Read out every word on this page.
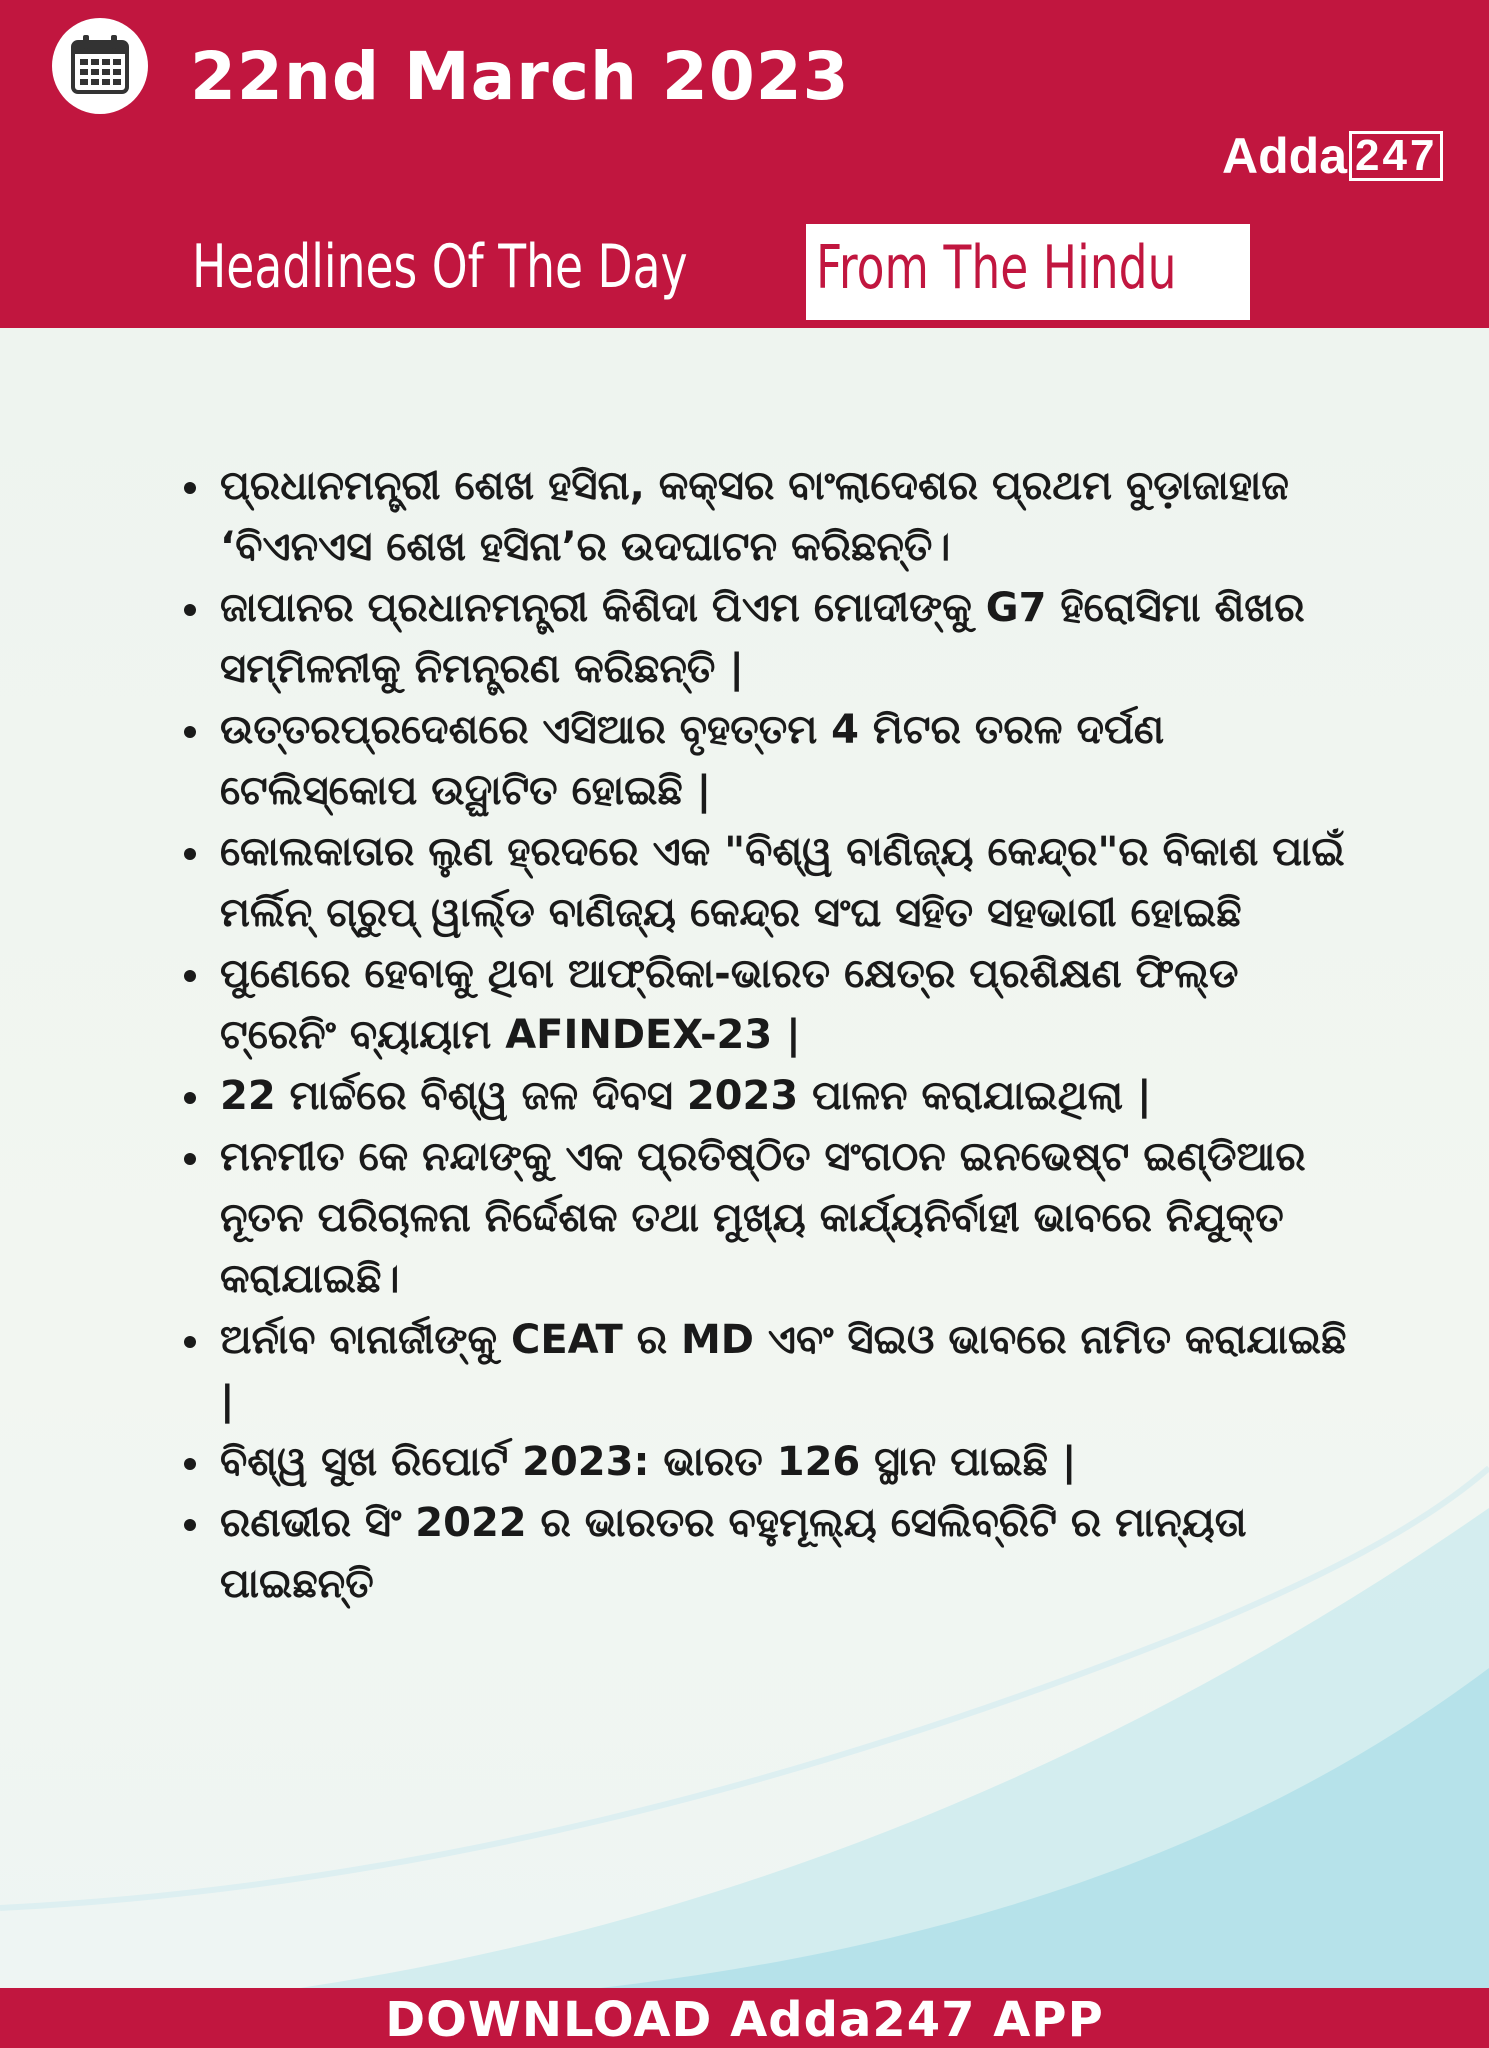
22nd March 2023
Adda 247
Headlines Of The Day From The Hindu
ପ୍ରଧାନମନ୍ତ୍ରୀ ଶେଖ ହସିନା, କକ୍ସର ବାଂଲାଦେଶର ପ୍ରଥମ ବୁଡ଼ାଜାହାଜ ‘ବିଏନଏସ ଶେଖ ହସିନା’ର ଉଦଘାଟନ କରିଛନ୍ତି।
ଜାପାନର ପ୍ରଧାନମନ୍ତ୍ରୀ କିଶିଦା ପିଏମ ମୋଦୀଙ୍କୁ G7 ହିରୋସିମା ଶିଖର ସମ୍ମିଳନୀକୁ ନିମନ୍ତ୍ରଣ କରିଛନ୍ତି |
ଉତ୍ତରପ୍ରଦେଶରେ ଏସିଆର ବୃହତ୍ତମ 4 ମିଟର ତରଳ ଦର୍ପଣ ଟେଲିସ୍କୋପ ଉଦ୍ଘାଟିତ ହୋଇଛି |
କୋଲକାତାର ଲୁଣ ହ୍ରଦରେ ଏକ "ବିଶ୍ୱ ବାଣିଜ୍ୟ କେନ୍ଦ୍ର"ର ବିକାଶ ପାଇଁ ମର୍ଲିନ୍ ଗ୍ରୁପ୍ ୱାର୍ଲ୍ଡ ବାଣିଜ୍ୟ କେନ୍ଦ୍ର ସଂଘ ସହିତ ସହଭାଗୀ ହୋଇଛି
ପୁଣେରେ ହେବାକୁ ଥିବା ଆଫ୍ରିକା-ଭାରତ କ୍ଷେତ୍ର ପ୍ରଶିକ୍ଷଣ ଫିଲ୍ଡ ଟ୍ରେନିଂ ବ୍ୟାୟାମ AFINDEX-23 |
22 ମାର୍ଚ୍ଚରେ ବିଶ୍ୱ ଜଳ ଦିବସ 2023 ପାଳନ କରାଯାଇଥିଲା |
ମନମୀତ କେ ନନ୍ଦାଙ୍କୁ ଏକ ପ୍ରତିଷ୍ଠିତ ସଂଗଠନ ଇନଭେଷ୍ଟ ଇଣ୍ଡିଆର ନୂତନ ପରିଚାଳନା ନିର୍ଦ୍ଦେଶକ ତଥା ମୁଖ୍ୟ କାର୍ଯ୍ୟନିର୍ବାହୀ ଭାବରେ ନିଯୁକ୍ତ କରାଯାଇଛି।
ଅର୍ନାବ ବାନାର୍ଜୀଙ୍କୁ CEAT ର MD ଏବଂ ସିଇଓ ଭାବରେ ନାମିତ କରାଯାଇଛି |
ବିଶ୍ୱ ସୁଖ ରିପୋର୍ଟ 2023: ଭାରତ 126 ସ୍ଥାନ ପାଇଛି |
ରଣଭୀର ସିଂ 2022 ର ଭାରତର ବହୁମୂଲ୍ୟ ସେଲିବ୍ରିଟି ର ମାନ୍ୟତା ପାଇଛନ୍ତି
DOWNLOAD Adda247 APP
